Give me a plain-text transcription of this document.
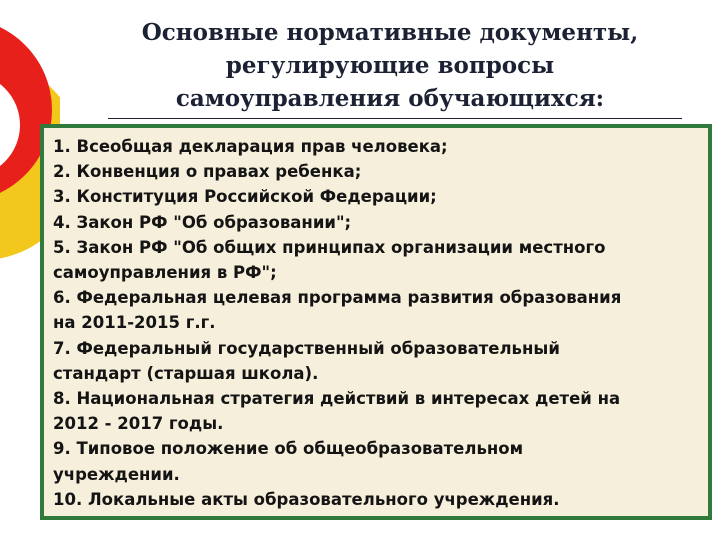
Основные нормативные документы,
регулирующие вопросы
самоуправления обучающихся:
1. Всеобщая декларация прав человека;
2. Конвенция о правах ребенка;
3. Конституция Российской Федерации;
4. Закон РФ "Об образовании";
5. Закон РФ "Об общих принципах организации местного
самоуправления в РФ";
6. Федеральная целевая программа развития образования
на 2011-2015 г.г.
7. Федеральный государственный образовательный
стандарт (старшая школа).
8. Национальная стратегия действий в интересах детей на
2012 - 2017 годы.
9. Типовое положение об общеобразовательном
учреждении.
10. Локальные акты образовательного учреждения.
